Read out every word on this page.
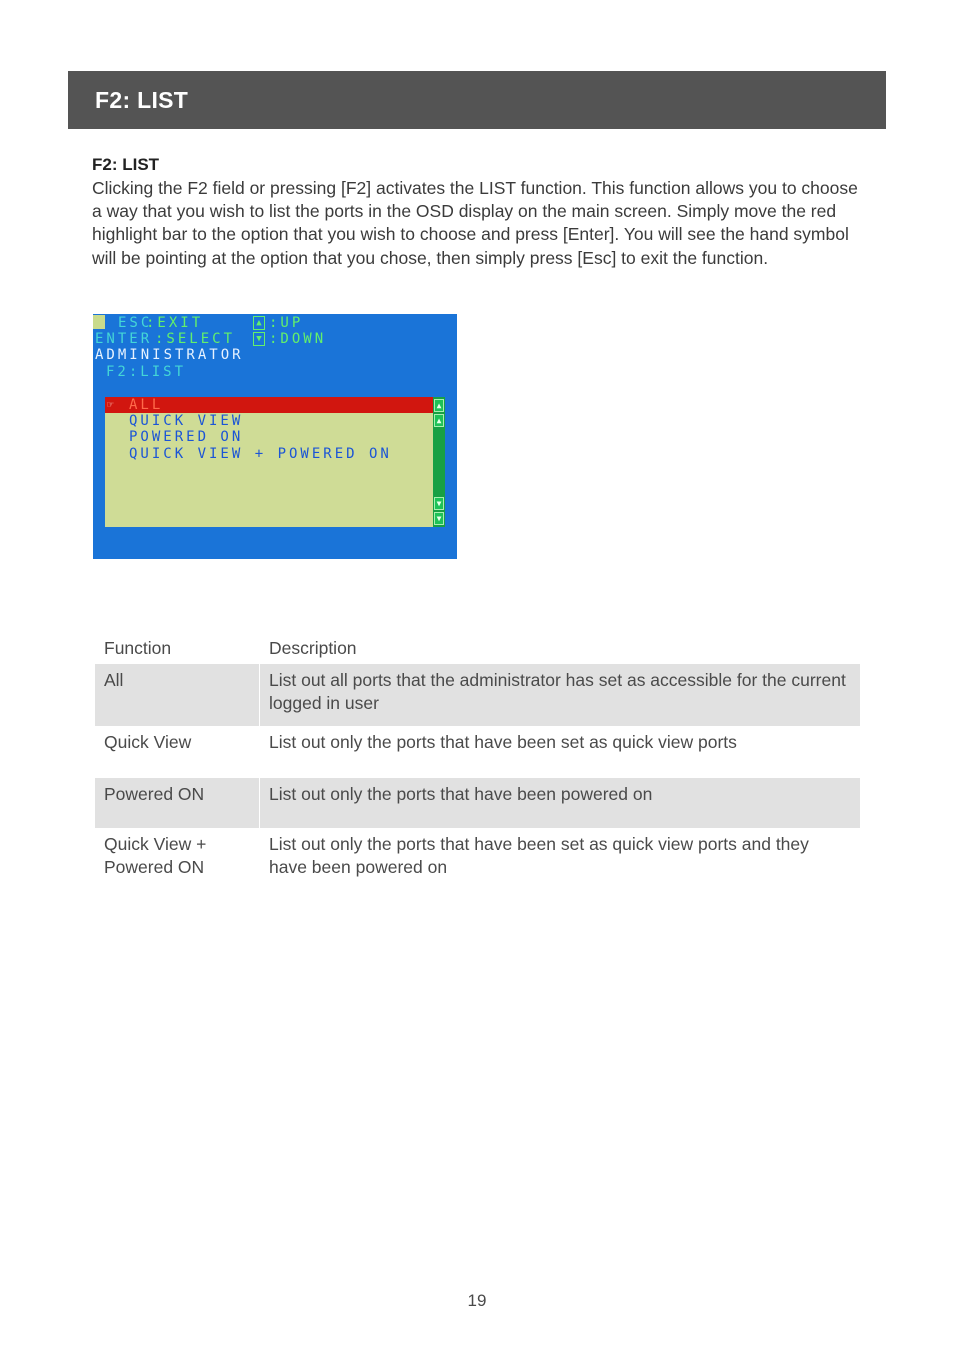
F2: LIST
F2: LIST

Clicking the F2 field or pressing [F2] activates the LIST function. This function allows you to choose a way that you wish to list the ports in the OSD display on the main screen. Simply move the red highlight bar to the option that you wish to choose and press [Enter]. You will see the hand symbol will be pointing at the option that you chose, then simply press [Esc] to exit the function.

ESC
:EXIT	▲ :UP
ENTER :SELECT	▼ :DOWN
ADMINISTRATOR
F2:LIST
☞	ALL
QUICK VIEW
POWERED ON
QUICK VIEW + POWERED ON
▲
▲
▼
▼
Function	Description
All	List out all ports that the administrator has set as accessible for the current logged in user
Quick View	List out only the ports that have been set as quick view ports
Powered ON	List out only the ports that have been powered on
Quick View + Powered ON	List out only the ports that have been set as quick view ports and they have been powered on
19
